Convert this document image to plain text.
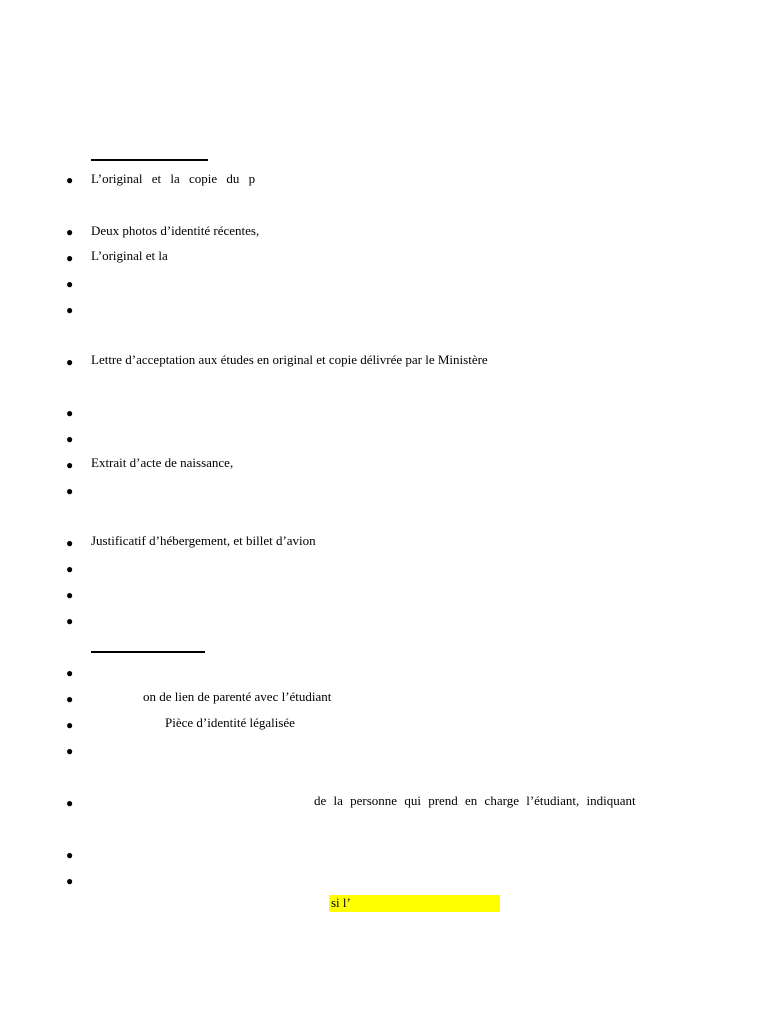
● L’original et la copie du p
● Deux photos d’identité récentes,
● L’original et la
●
●
● Lettre d’acceptation aux études en original et copie délivrée par le Ministère
●
●
● Extrait d’acte de naissance,
●
● Justificatif d’hébergement, et billet d’avion
●
●
●
●
●	on de lien de parenté avec l’étudiant
●	Pièce d’identité légalisée
●
●	de la personne qui prend en charge l’étudiant, indiquant
●
●
si l’
